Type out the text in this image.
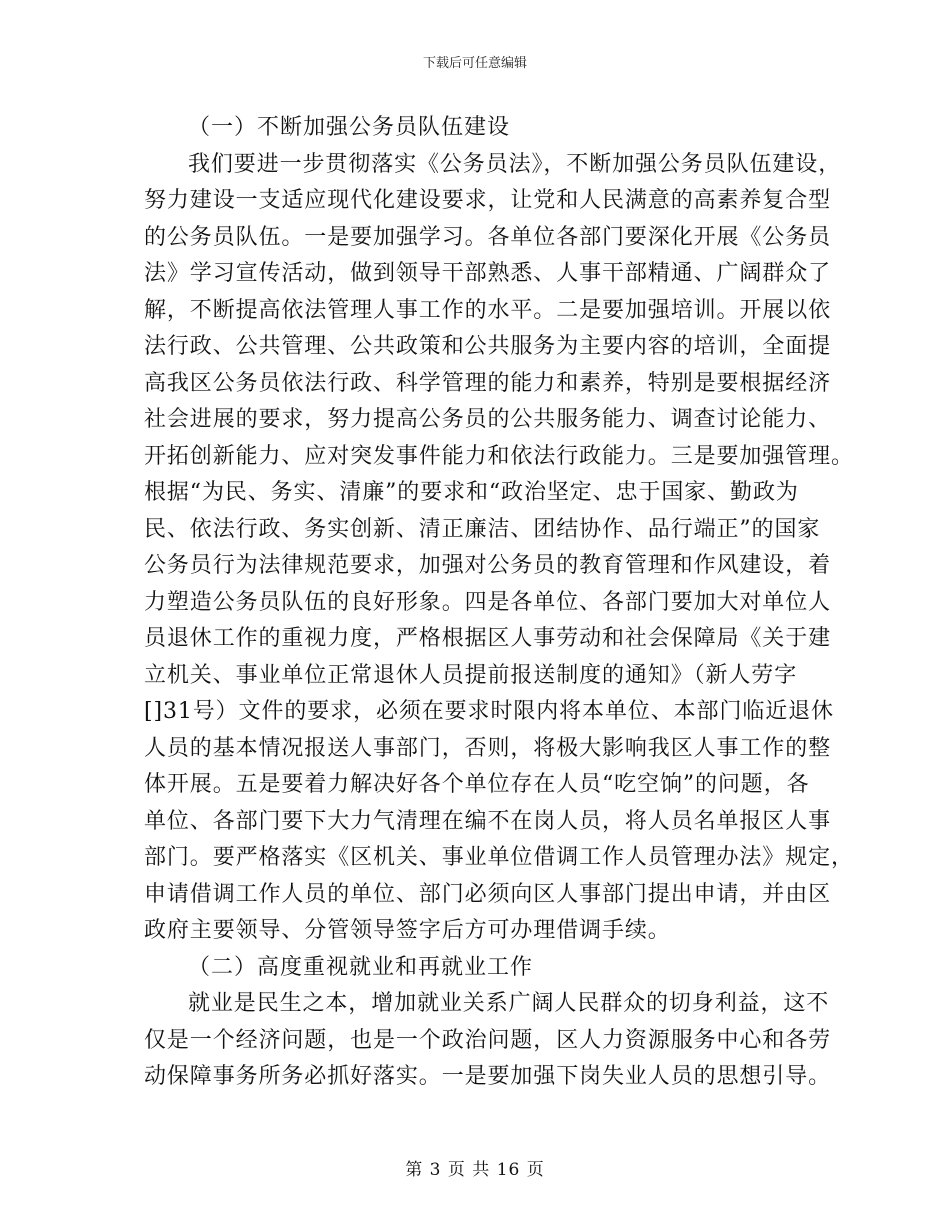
下载后可任意编辑
（一）不断加强公务员队伍建设
我们要进一步贯彻落实《公务员法》，不断加强公务员队伍建设，
努力建设一支适应现代化建设要求，让党和人民满意的高素养复合型
的公务员队伍。一是要加强学习。各单位各部门要深化开展《公务员
法》学习宣传活动，做到领导干部熟悉、人事干部精通、广阔群众了
解，不断提高依法管理人事工作的水平。二是要加强培训。开展以依
法行政、公共管理、公共政策和公共服务为主要内容的培训，全面提
高我区公务员依法行政、科学管理的能力和素养，特别是要根据经济
社会进展的要求，努力提高公务员的公共服务能力、调查讨论能力、
开拓创新能力、应对突发事件能力和依法行政能力。三是要加强管理。
根据“为民、务实、清廉”的要求和“政治坚定、忠于国家、勤政为
民、依法行政、务实创新、清正廉洁、团结协作、品行端正”的国家
公务员行为法律规范要求，加强对公务员的教育管理和作风建设，着
力塑造公务员队伍的良好形象。四是各单位、各部门要加大对单位人
员退休工作的重视力度，严格根据区人事劳动和社会保障局《关于建
立机关、事业单位正常退休人员提前报送制度的通知》（新人劳字
[]31号）文件的要求，必须在要求时限内将本单位、本部门临近退休
人员的基本情况报送人事部门，否则，将极大影响我区人事工作的整
体开展。五是要着力解决好各个单位存在人员“吃空饷”的问题，各
单位、各部门要下大力气清理在编不在岗人员，将人员名单报区人事
部门。要严格落实《区机关、事业单位借调工作人员管理办法》规定，
申请借调工作人员的单位、部门必须向区人事部门提出申请，并由区
政府主要领导、分管领导签字后方可办理借调手续。
（二）高度重视就业和再就业工作
就业是民生之本，增加就业关系广阔人民群众的切身利益，这不
仅是一个经济问题，也是一个政治问题，区人力资源服务中心和各劳
动保障事务所务必抓好落实。一是要加强下岗失业人员的思想引导。
第 3 页 共 16 页
